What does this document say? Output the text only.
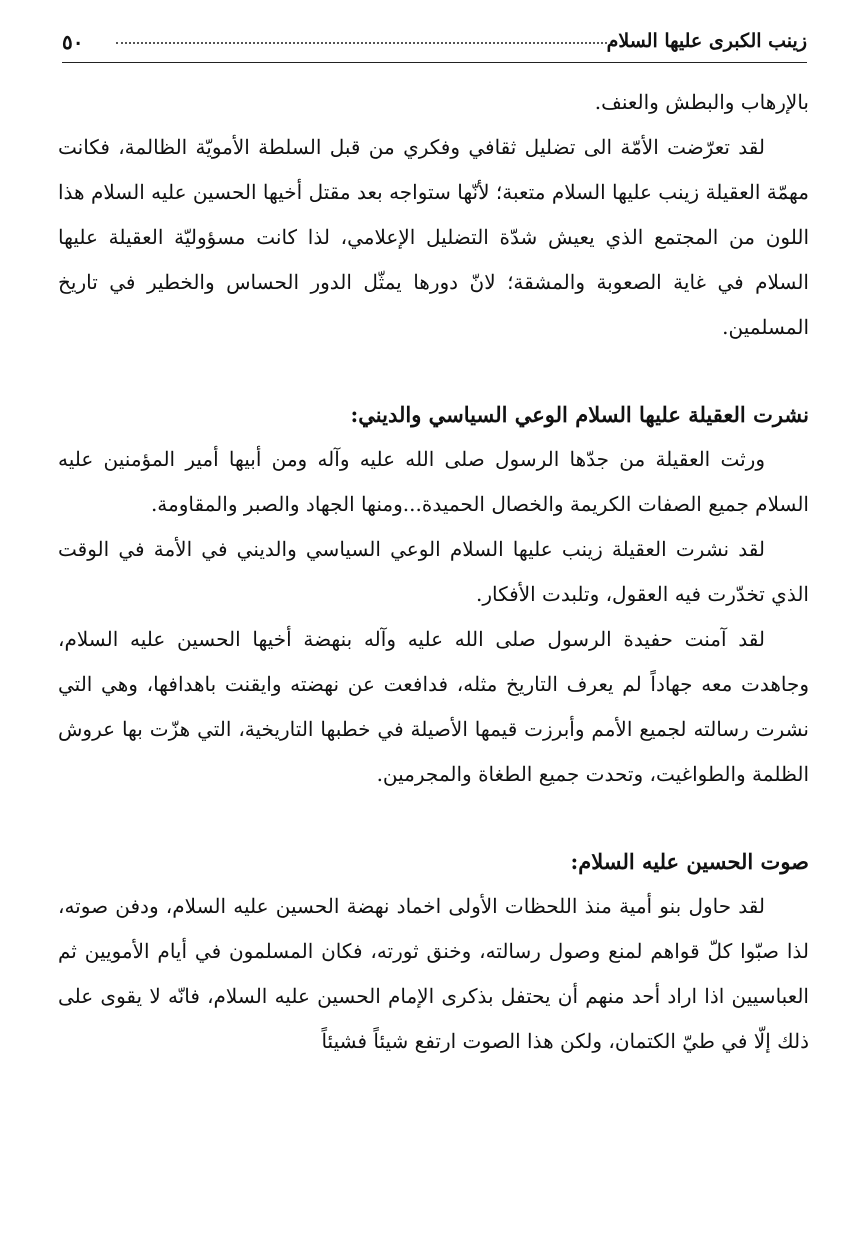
٥٠	زينب الكبرى عليها السلام

بالإرهاب والبطش والعنف.

لقد تعرّضت الأمّة الى تضليل ثقافي وفكري من قبل السلطة الأمويّة الظالمة، فكانت مهمّة العقيلة زينب عليها السلام متعبة؛ لأنّها ستواجه بعد مقتل أخيها الحسين عليه السلام هذا اللون من المجتمع الذي يعيش شدّة التضليل الإعلامي، لذا كانت مسؤوليّة العقيلة عليها السلام في غاية الصعوبة والمشقة؛ لانّ دورها يمثّل الدور الحساس والخطير في تاريخ المسلمين.

نشرت العقيلة عليها السلام الوعي السياسي والديني:

ورثت العقيلة من جدّها الرسول صلى الله عليه وآله ومن أبيها أمير المؤمنين عليه السلام جميع الصفات الكريمة والخصال الحميدة...ومنها الجهاد والصبر والمقاومة.

لقد نشرت العقيلة زينب عليها السلام الوعي السياسي والديني في الأمة في الوقت الذي تخدّرت فيه العقول، وتلبدت الأفكار.

لقد آمنت حفيدة الرسول صلى الله عليه وآله بنهضة أخيها الحسين عليه السلام، وجاهدت معه جهاداً لم يعرف التاريخ مثله، فدافعت عن نهضته وايقنت باهدافها، وهي التي نشرت رسالته لجميع الأمم وأبرزت قيمها الأصيلة في خطبها التاريخية، التي هزّت بها عروش الظلمة والطواغيت، وتحدت جميع الطغاة والمجرمين.

صوت الحسين عليه السلام:

لقد حاول بنو أمية منذ اللحظات الأولى اخماد نهضة الحسين عليه السلام، ودفن صوته، لذا صبّوا كلّ قواهم لمنع وصول رسالته، وخنق ثورته، فكان المسلمون في أيام الأمويين ثم العباسيين اذا اراد أحد منهم أن يحتفل بذكرى الإمام الحسين عليه السلام، فانّه لا يقوى على ذلك إلّا في طيّ الكتمان، ولكن هذا الصوت ارتفع شيئاً فشيئاً
